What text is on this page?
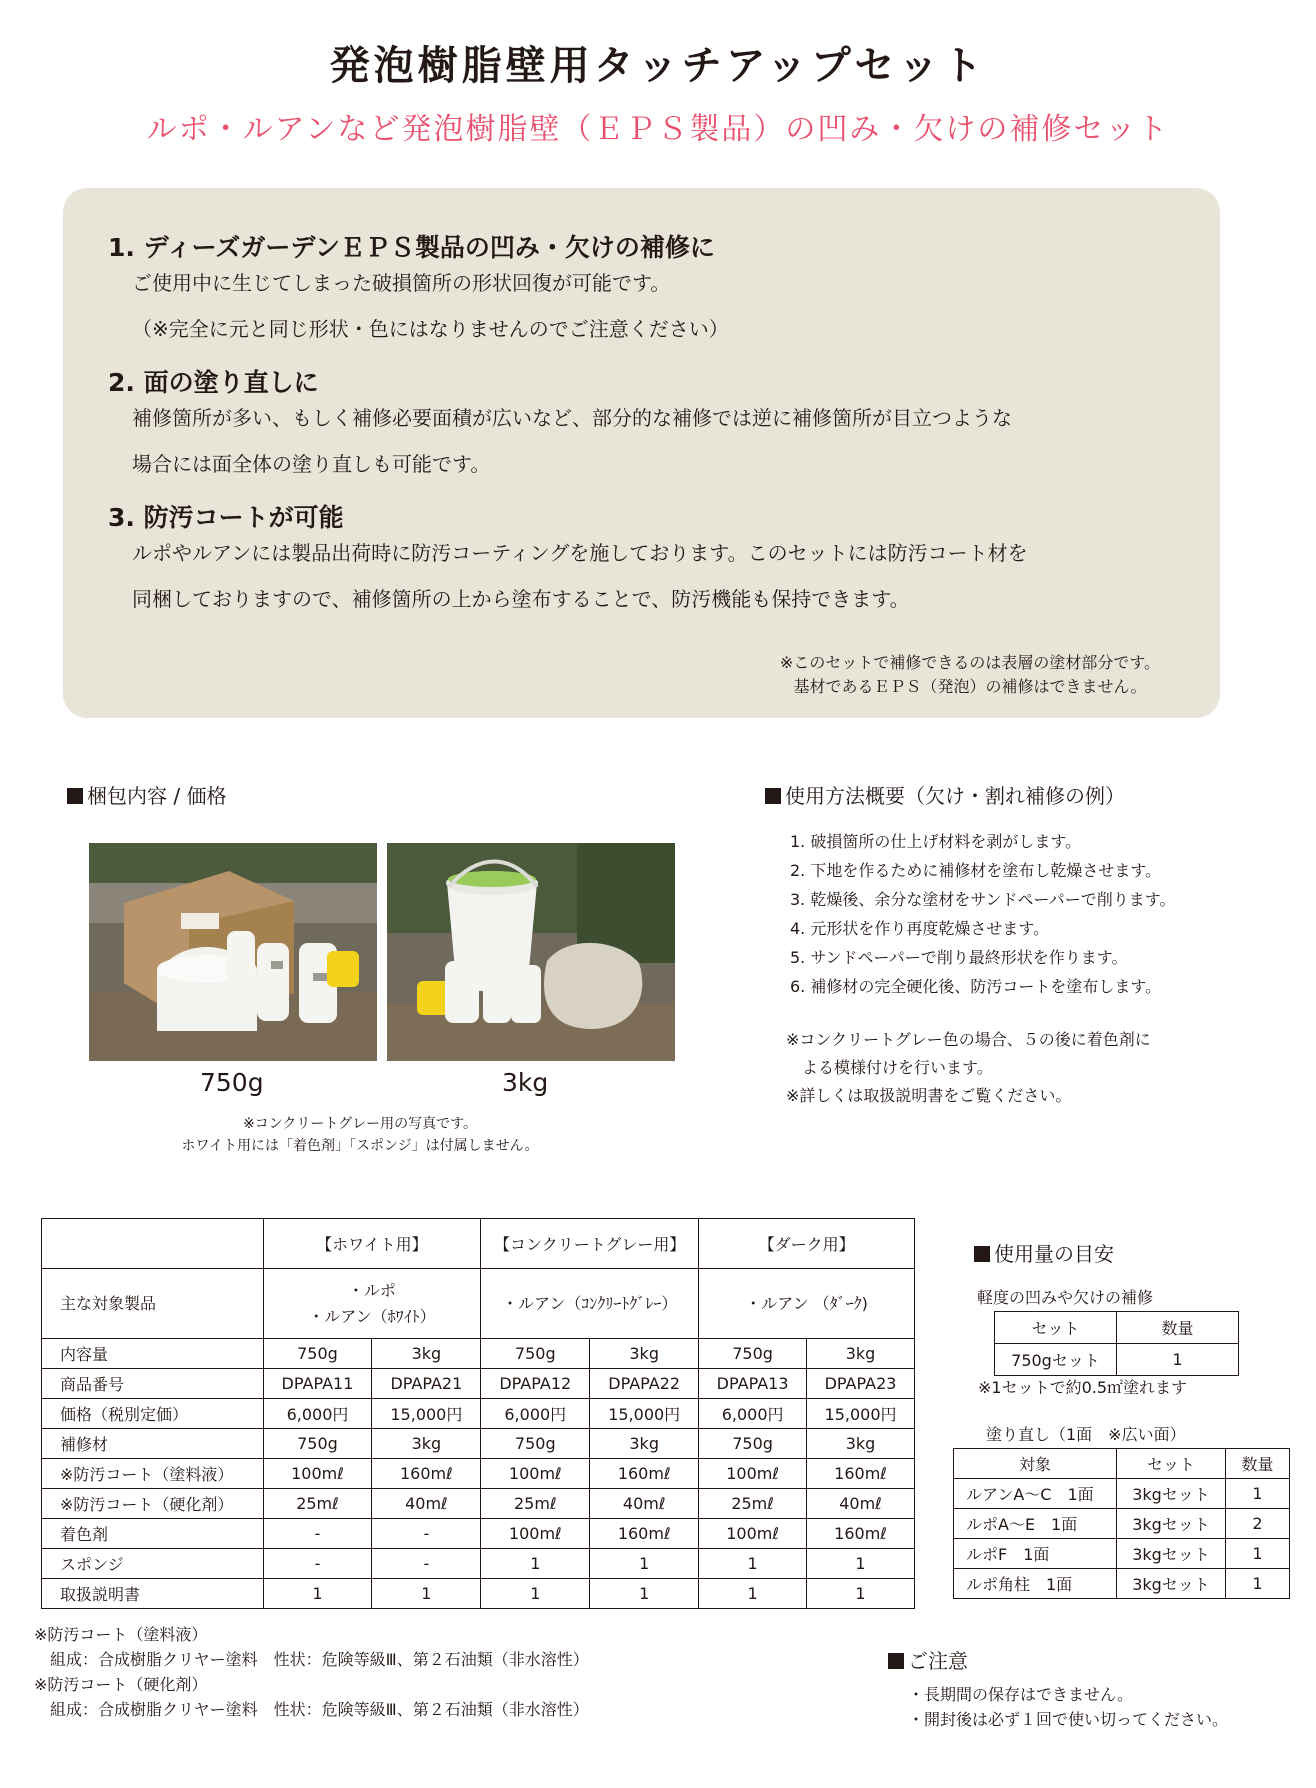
発泡樹脂壁用タッチアップセット
ルポ・ルアンなど発泡樹脂壁（ＥＰＳ製品）の凹み・欠けの補修セット
1. ディーズガーデンＥＰＳ製品の凹み・欠けの補修に
ご使用中に生じてしまった破損箇所の形状回復が可能です。
（※完全に元と同じ形状・色にはなりませんのでご注意ください）
2. 面の塗り直しに
補修箇所が多い、もしく補修必要面積が広いなど、部分的な補修では逆に補修箇所が目立つような
場合には面全体の塗り直しも可能です。
3. 防汚コートが可能
ルポやルアンには製品出荷時に防汚コーティングを施しております。このセットには防汚コート材を
同梱しておりますので、補修箇所の上から塗布することで、防汚機能も保持できます。
※このセットで補修できるのは表層の塗材部分です。
基材であるＥＰＳ（発泡）の補修はできません。
梱包内容 / 価格
750g	3kg
※コンクリートグレー用の写真です。
ホワイト用には「着色剤」「スポンジ」は付属しません。
使用方法概要（欠け・割れ補修の例）
1. 破損箇所の仕上げ材料を剥がします。
2. 下地を作るために補修材を塗布し乾燥させます。
3. 乾燥後、余分な塗材をサンドペーパーで削ります。
4. 元形状を作り再度乾燥させます。
5. サンドペーパーで削り最終形状を作ります。
6. 補修材の完全硬化後、防汚コートを塗布します。
※コンクリートグレー色の場合、５の後に着色剤に
　よる模様付けを行います。
※詳しくは取扱説明書をご覧ください。
	【ホワイト用】		【コンクリートグレー用】		【ダーク用】	
主な対象製品	・ルポ
・ルアン（ﾎﾜｲﾄ）		・ルアン（ｺﾝｸﾘｰﾄｸﾞﾚｰ）		・ルアン （ﾀﾞｰｸ)	

内容量	750g	3kg	750g	3kg	750g	3kg
商品番号	DPAPA11	DPAPA21	DPAPA12	DPAPA22	DPAPA13	DPAPA23
価格（税別定価）	6,000円	15,000円	6,000円	15,000円	6,000円	15,000円
補修材	750g	3kg	750g	3kg	750g	3kg
※防汚コート（塗料液）	100mℓ	160mℓ	100mℓ	160mℓ	100mℓ	160mℓ
※防汚コート（硬化剤）	25mℓ	40mℓ	25mℓ	40mℓ	25mℓ	40mℓ
着色剤	-	-	100mℓ	160mℓ	100mℓ	160mℓ
スポンジ	-	-	1	1	1	1
取扱説明書	1	1	1	1	1	1
使用量の目安
軽度の凹みや欠けの補修
セット	数量
750gセット	1
※1セットで約0.5㎡塗れます
塗り直し（1面　※広い面）
対象	セット	数量
ルアンA～C　1面	3kgセット	1
ルポA～E　1面	3kgセット	2
ルポF　1面	3kgセット	1
ルポ角柱　1面	3kgセット	1
※防汚コート（塗料液）
　組成：合成樹脂クリヤー塗料　性状：危険等級Ⅲ、第２石油類（非水溶性）
※防汚コート（硬化剤）
　組成：合成樹脂クリヤー塗料　性状：危険等級Ⅲ、第２石油類（非水溶性）
ご注意
・長期間の保存はできません。
・開封後は必ず１回で使い切ってください。
